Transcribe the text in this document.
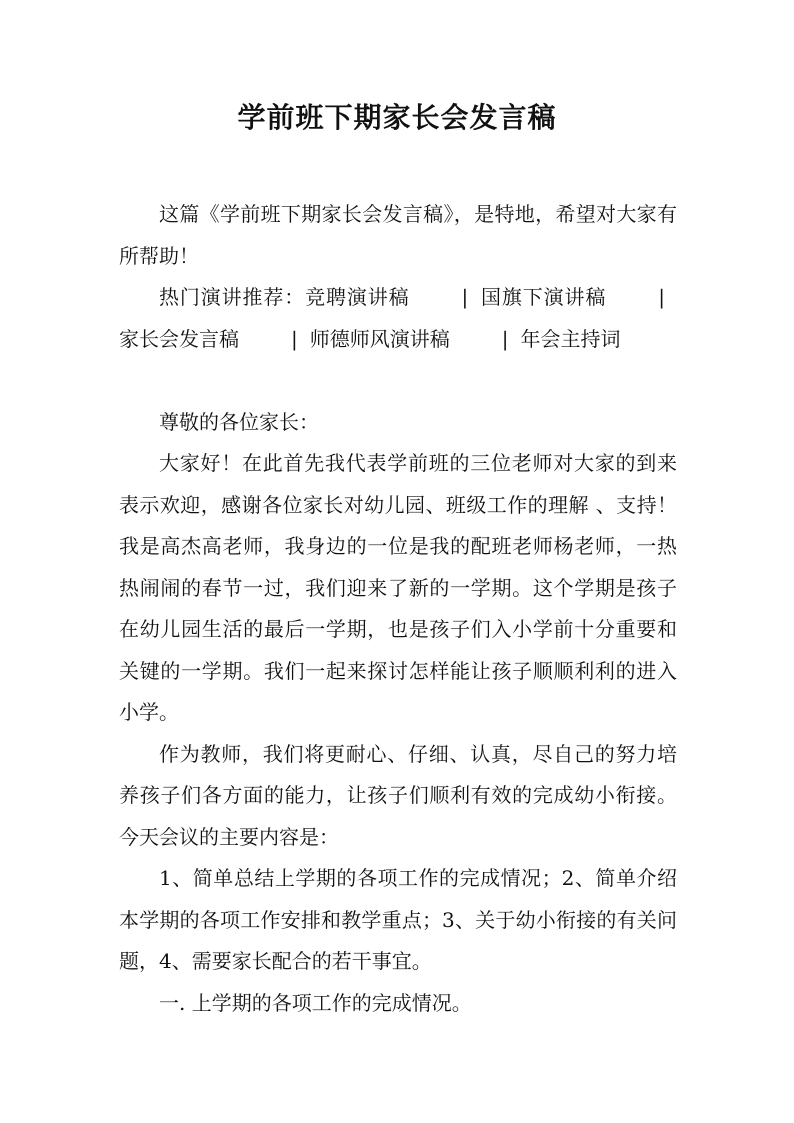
学前班下期家长会发言稿

这篇《学前班下期家长会发言稿》，是特地，希望对大家有所帮助！

热门演讲推荐：竞聘演讲稿	| 国旗下演讲稿	|家长会发言稿	| 师德师风演讲稿	| 年会主持词

尊敬的各位家长：

大家好！在此首先我代表学前班的三位老师对大家的到来表示欢迎，感谢各位家长对幼儿园、班级工作的理解 、支持！我是高杰高老师，我身边的一位是我的配班老师杨老师，一热热闹闹的春节一过，我们迎来了新的一学期。这个学期是孩子在幼儿园生活的最后一学期，也是孩子们入小学前十分重要和关键的一学期。我们一起来探讨怎样能让孩子顺顺利利的进入小学。

作为教师，我们将更耐心、仔细、认真，尽自己的努力培养孩子们各方面的能力，让孩子们顺利有效的完成幼小衔接。今天会议的主要内容是：

1、简单总结上学期的各项工作的完成情况；2、简单介绍本学期的各项工作安排和教学重点；3、关于幼小衔接的有关问题，4、需要家长配合的若干事宜。

一. 上学期的各项工作的完成情况。
